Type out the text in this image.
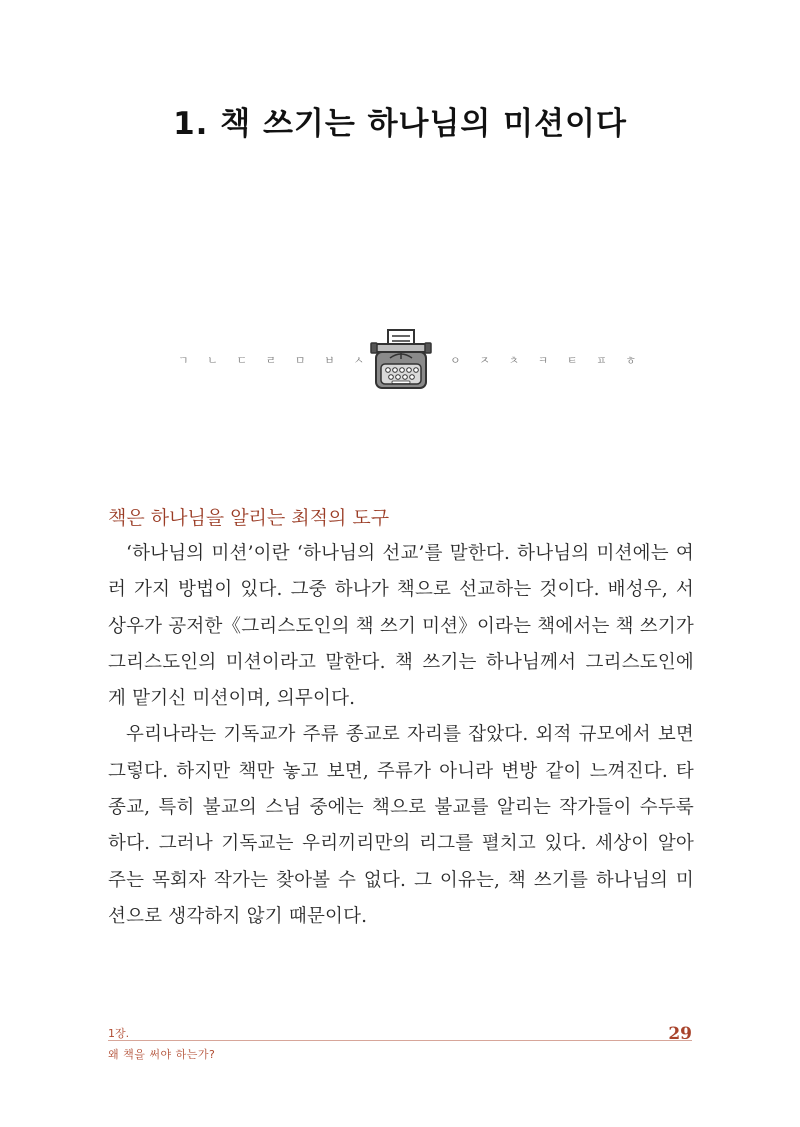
1. 책 쓰기는 하나님의 미션이다
ㄱ ㄴ ㄷ ㄹ ㅁ ㅂ ㅅ	ㅇ ㅈ ㅊ ㅋ ㅌ ㅍ ㅎ
책은 하나님을 알리는 최적의 도구
‘하나님의 미션’이란 ‘하나님의 선교’를 말한다. 하나님의 미션에는 여
러 가지 방법이 있다. 그중 하나가 책으로 선교하는 것이다. 배성우, 서
상우가 공저한《그리스도인의 책 쓰기 미션》이라는 책에서는 책 쓰기가
그리스도인의 미션이라고 말한다. 책 쓰기는 하나님께서 그리스도인에
게 맡기신 미션이며, 의무이다.
우리나라는 기독교가 주류 종교로 자리를 잡았다. 외적 규모에서 보면
그렇다. 하지만 책만 놓고 보면, 주류가 아니라 변방 같이 느껴진다. 타
종교, 특히 불교의 스님 중에는 책으로 불교를 알리는 작가들이 수두룩
하다. 그러나 기독교는 우리끼리만의 리그를 펼치고 있다. 세상이 알아
주는 목회자 작가는 찾아볼 수 없다. 그 이유는, 책 쓰기를 하나님의 미
션으로 생각하지 않기 때문이다.
1장.
왜 책을 써야 하는가?
29
